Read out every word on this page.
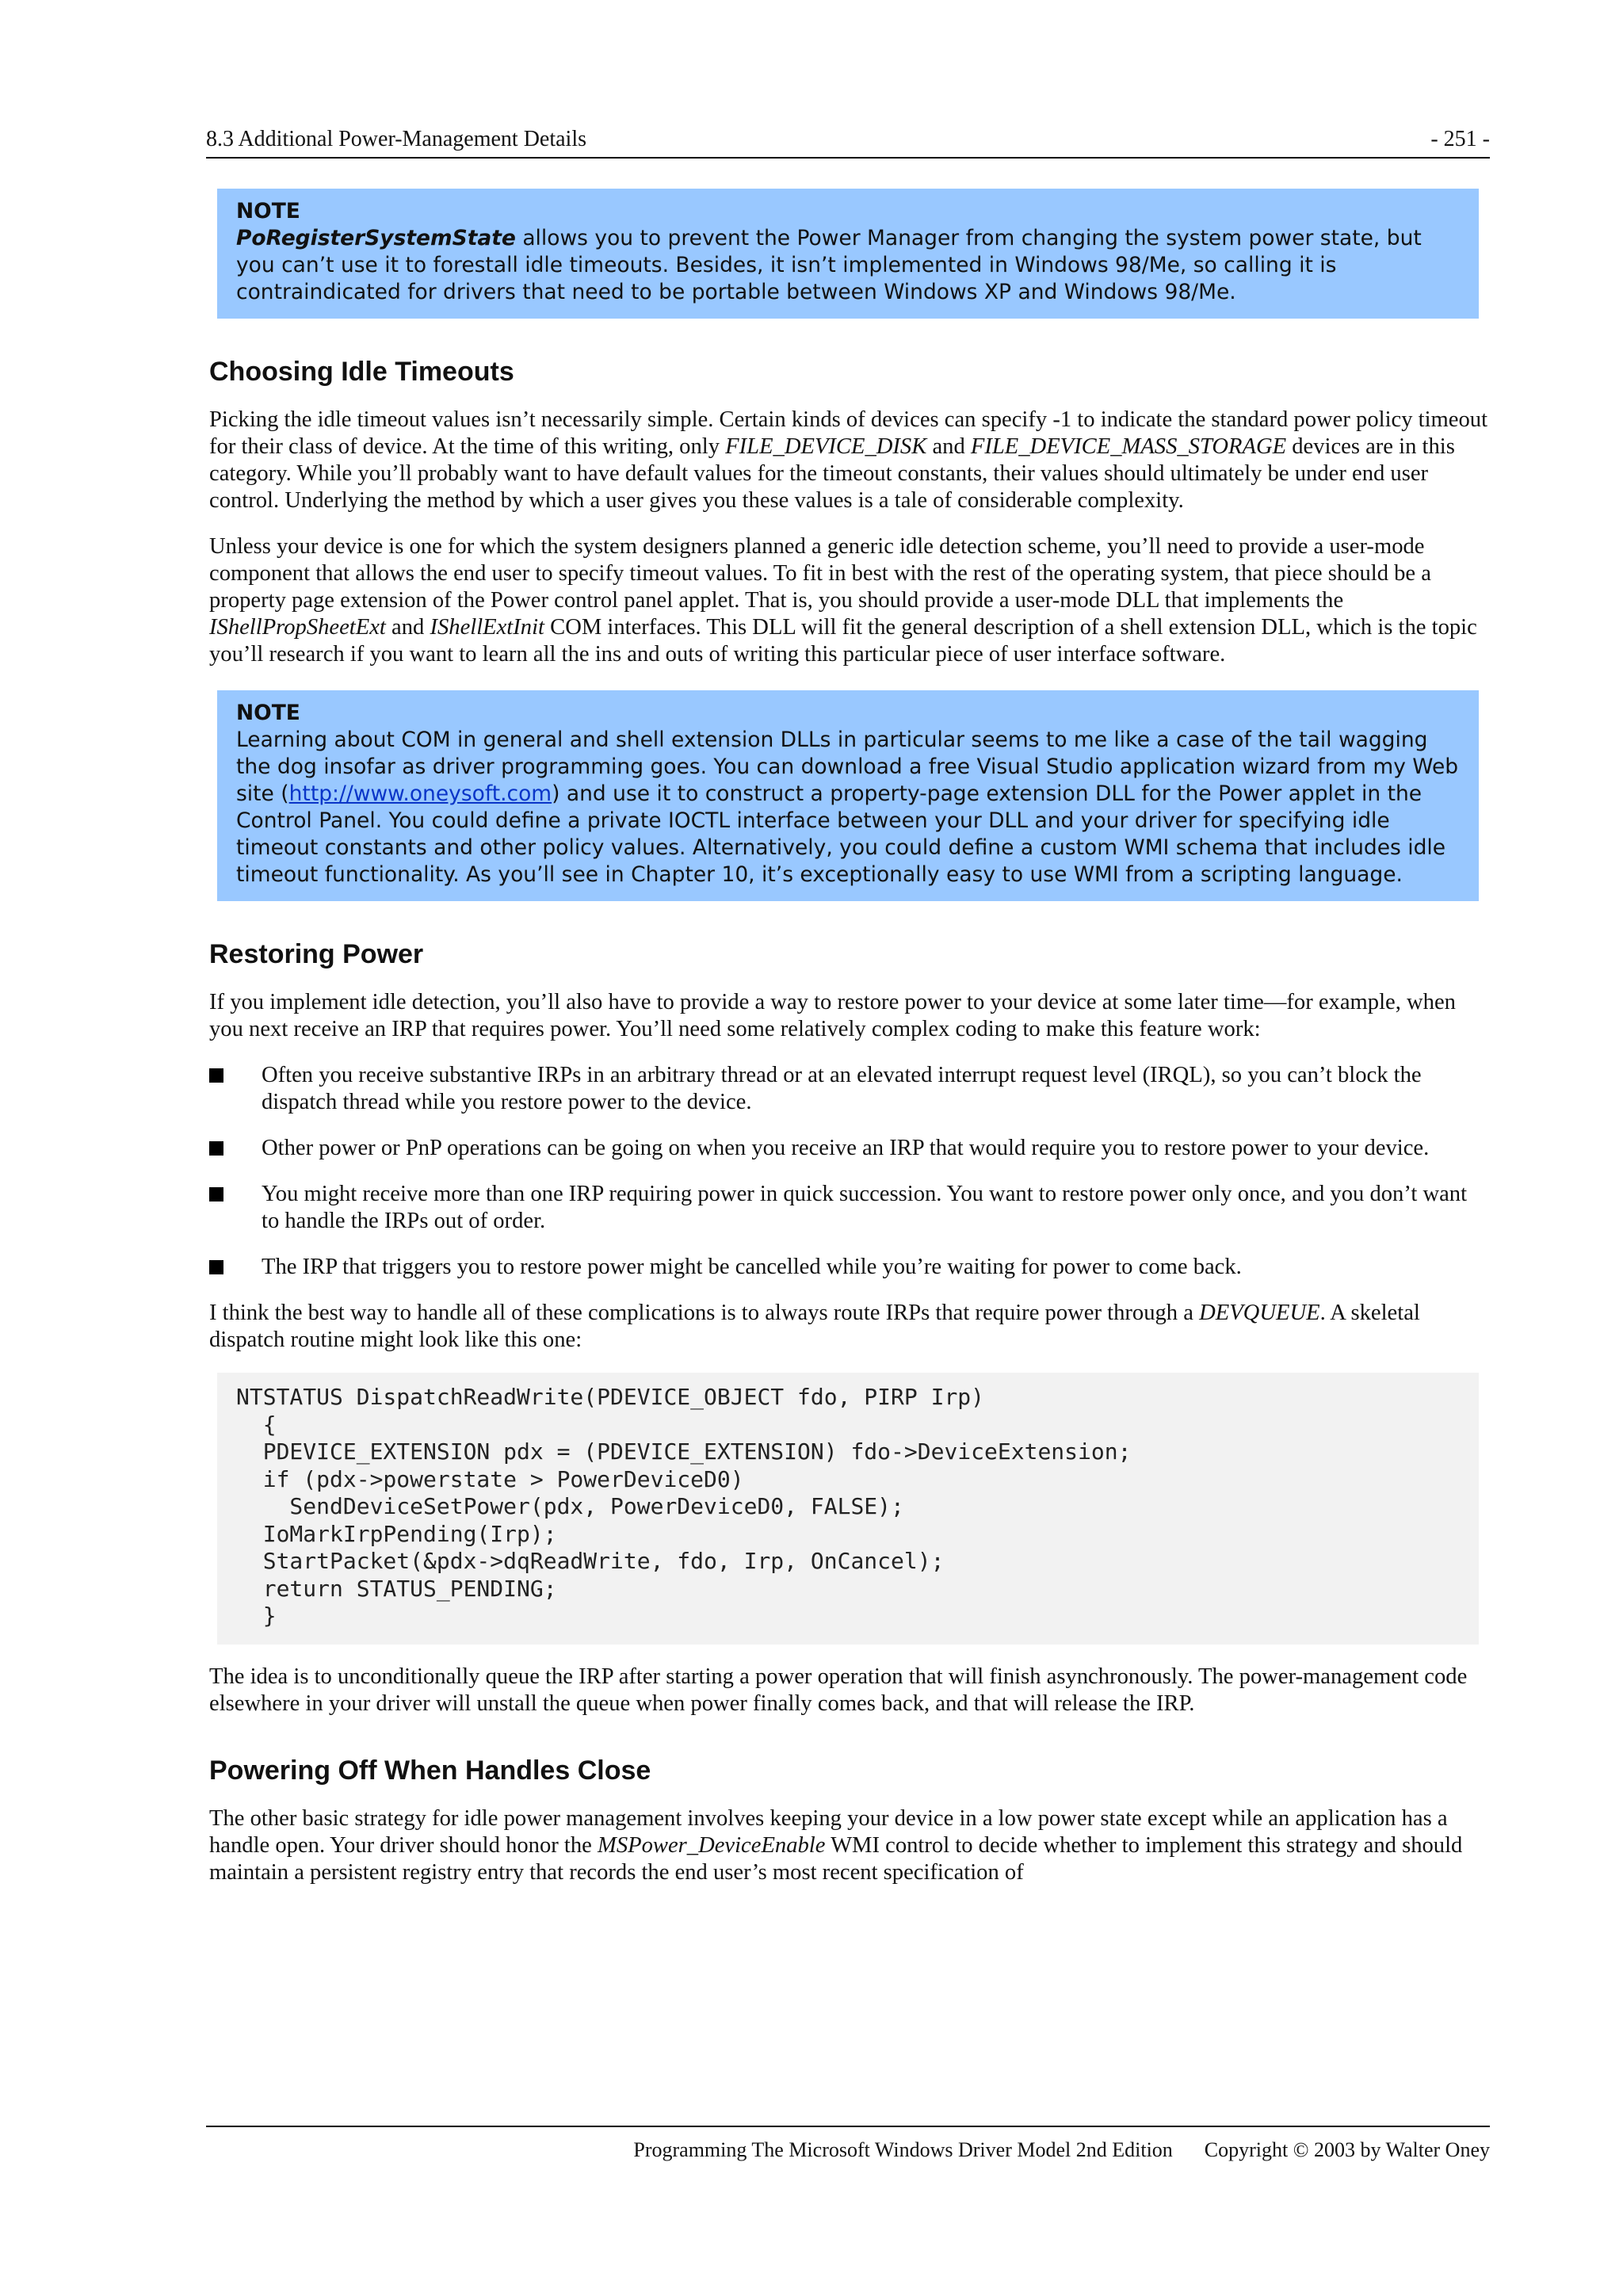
8.3 Additional Power-Management Details	- 251 -
NOTE
PoRegisterSystemState allows you to prevent the Power Manager from changing the system power state, but you can’t use it to forestall idle timeouts. Besides, it isn’t implemented in Windows 98/Me, so calling it is contraindicated for drivers that need to be portable between Windows XP and Windows 98/Me.
Choosing Idle Timeouts

Picking the idle timeout values isn’t necessarily simple. Certain kinds of devices can specify -1 to indicate the standard power policy timeout for their class of device. At the time of this writing, only FILE_DEVICE_DISK and FILE_DEVICE_MASS_STORAGE devices are in this category. While you’ll probably want to have default values for the timeout constants, their values should ultimately be under end user control. Underlying the method by which a user gives you these values is a tale of considerable complexity.

Unless your device is one for which the system designers planned a generic idle detection scheme, you’ll need to provide a user-mode component that allows the end user to specify timeout values. To fit in best with the rest of the operating system, that piece should be a property page extension of the Power control panel applet. That is, you should provide a user-mode DLL that implements the IShellPropSheetExt and IShellExtInit COM interfaces. This DLL will fit the general description of a shell extension DLL, which is the topic you’ll research if you want to learn all the ins and outs of writing this particular piece of user interface software.

NOTE
Learning about COM in general and shell extension DLLs in particular seems to me like a case of the tail wagging the dog insofar as driver programming goes. You can download a free Visual Studio application wizard from my Web site (http://www.oneysoft.com) and use it to construct a property-page extension DLL for the Power applet in the Control Panel. You could define a private IOCTL interface between your DLL and your driver for specifying idle timeout constants and other policy values. Alternatively, you could define a custom WMI schema that includes idle timeout functionality. As you’ll see in Chapter 10, it’s exceptionally easy to use WMI from a scripting language.
Restoring Power

If you implement idle detection, you’ll also have to provide a way to restore power to your device at some later time—for example, when you next receive an IRP that requires power. You’ll need some relatively complex coding to make this feature work:

Often you receive substantive IRPs in an arbitrary thread or at an elevated interrupt request level (IRQL), so you can’t block the dispatch thread while you restore power to the device.
Other power or PnP operations can be going on when you receive an IRP that would require you to restore power to your device.
You might receive more than one IRP requiring power in quick succession. You want to restore power only once, and you don’t want to handle the IRPs out of order.
The IRP that triggers you to restore power might be cancelled while you’re waiting for power to come back.

I think the best way to handle all of these complications is to always route IRPs that require power through a DEVQUEUE. A skeletal dispatch routine might look like this one:

NTSTATUS DispatchReadWrite(PDEVICE_OBJECT fdo, PIRP Irp)
{
PDEVICE_EXTENSION pdx = (PDEVICE_EXTENSION) fdo->DeviceExtension;
if (pdx->powerstate > PowerDeviceD0)
SendDeviceSetPower(pdx, PowerDeviceD0, FALSE);
IoMarkIrpPending(Irp);
StartPacket(&pdx->dqReadWrite, fdo, Irp, OnCancel);
return STATUS_PENDING;
}

The idea is to unconditionally queue the IRP after starting a power operation that will finish asynchronously. The power-management code elsewhere in your driver will unstall the queue when power finally comes back, and that will release the IRP.

Powering Off When Handles Close

The other basic strategy for idle power management involves keeping your device in a low power state except while an application has a handle open. Your driver should honor the MSPower_DeviceEnable WMI control to decide whether to implement this strategy and should maintain a persistent registry entry that records the end user’s most recent specification of

Programming The Microsoft Windows Driver Model 2nd Edition Copyright © 2003 by Walter Oney
